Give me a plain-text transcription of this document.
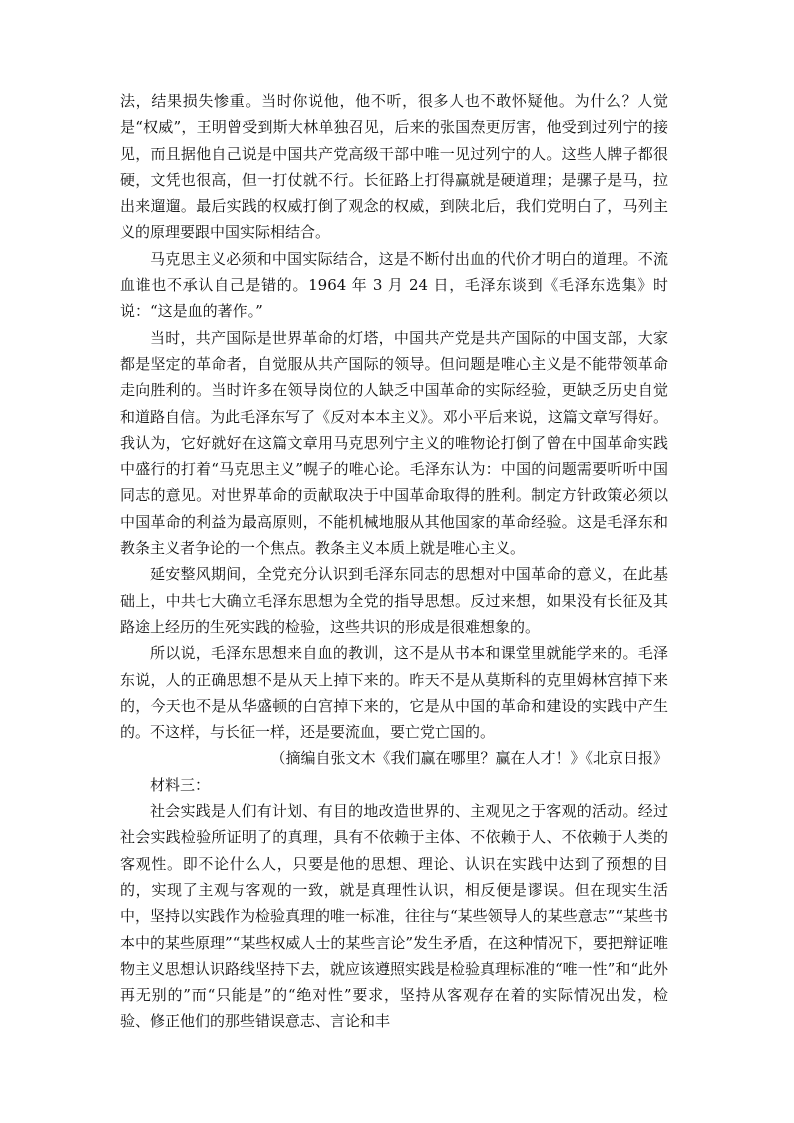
法，结果损失惨重。当时你说他，他不听，很多人也不敢怀疑他。为什么？人觉是“权威”，王明曾受到斯大林单独召见，后来的张国焘更厉害，他受到过列宁的接见，而且据他自己说是中国共产党高级干部中唯一见过列宁的人。这些人牌子都很硬，文凭也很高，但一打仗就不行。长征路上打得赢就是硬道理；是骡子是马，拉出来遛遛。最后实践的权威打倒了观念的权威，到陕北后，我们党明白了，马列主义的原理要跟中国实际相结合。

马克思主义必须和中国实际结合，这是不断付出血的代价才明白的道理。不流血谁也不承认自己是错的。1964 年 3 月 24 日，毛泽东谈到《毛泽东选集》时说：“这是血的著作。”

当时，共产国际是世界革命的灯塔，中国共产党是共产国际的中国支部，大家都是坚定的革命者，自觉服从共产国际的领导。但问题是唯心主义是不能带领革命走向胜利的。当时许多在领导岗位的人缺乏中国革命的实际经验，更缺乏历史自觉和道路自信。为此毛泽东写了《反对本本主义》。邓小平后来说，这篇文章写得好。我认为，它好就好在这篇文章用马克思列宁主义的唯物论打倒了曾在中国革命实践中盛行的打着“马克思主义”幌子的唯心论。毛泽东认为：中国的问题需要听听中国同志的意见。对世界革命的贡献取决于中国革命取得的胜利。制定方针政策必须以中国革命的利益为最高原则，不能机械地服从其他国家的革命经验。这是毛泽东和教条主义者争论的一个焦点。教条主义本质上就是唯心主义。

延安整风期间，全党充分认识到毛泽东同志的思想对中国革命的意义，在此基础上，中共七大确立毛泽东思想为全党的指导思想。反过来想，如果没有长征及其路途上经历的生死实践的检验，这些共识的形成是很难想象的。

所以说，毛泽东思想来自血的教训，这不是从书本和课堂里就能学来的。毛泽东说，人的正确思想不是从天上掉下来的。昨天不是从莫斯科的克里姆林宫掉下来的，今天也不是从华盛顿的白宫掉下来的，它是从中国的革命和建设的实践中产生的。不这样，与长征一样，还是要流血，要亡党亡国的。

（摘编自张文木《我们赢在哪里？赢在人才！》《北京日报》

材料三：

社会实践是人们有计划、有目的地改造世界的、主观见之于客观的活动。经过社会实践检验所证明了的真理，具有不依赖于主体、不依赖于人、不依赖于人类的客观性。即不论什么人，只要是他的思想、理论、认识在实践中达到了预想的目的，实现了主观与客观的一致，就是真理性认识，相反便是谬误。但在现实生活中，坚持以实践作为检验真理的唯一标准，往往与“某些领导人的某些意志”“某些书本中的某些原理”“某些权威人士的某些言论”发生矛盾，在这种情况下，要把辩证唯物主义思想认识路线坚持下去，就应该遵照实践是检验真理标准的“唯一性”和“此外再无别的”而“只能是”的“绝对性”要求，坚持从客观存在着的实际情况出发，检验、修正他们的那些错误意志、言论和丰
